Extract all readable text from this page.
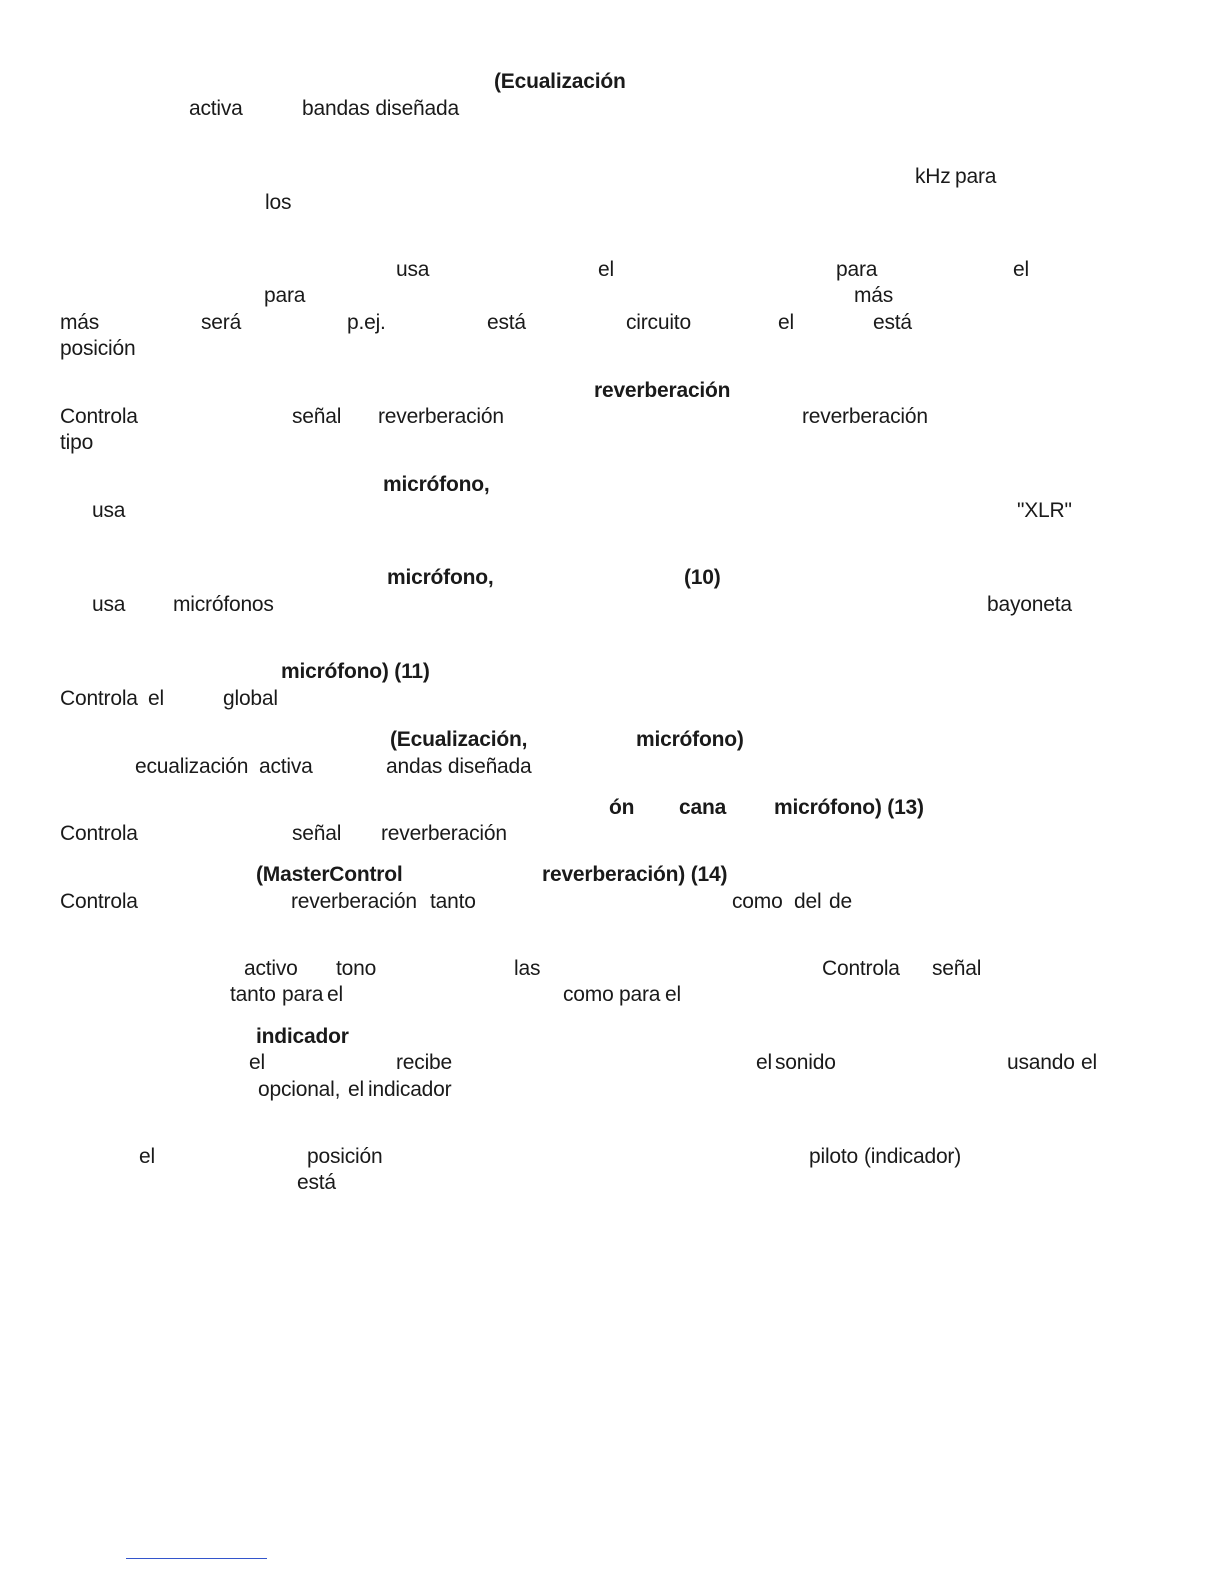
(Ecualización
activa	bandas diseñada
kHz para
los
usa	el	para	el
para	más
más	será	p.ej.	está	circuito	el	está
posición
reverberación
Controla	señal reverberación	reverberación
tipo
micrófono,
usa	"XLR"
micrófono,	(10)
usa micrófonos	bayoneta
micrófono) (11)
Controla el	global
(Ecualización,	micrófono)
ecualización activa	andas diseñada
ón cana micrófono) (13)
Controla	señal reverberación
(MasterControl	reverberación) (14)
Controla	reverberación tanto	como del de
activo tono	las	Controla señal
tanto para el	como para el
indicador
el	recibe	el sonido	usando el
opcional, el indicador
el	posición	piloto (indicador)
está
